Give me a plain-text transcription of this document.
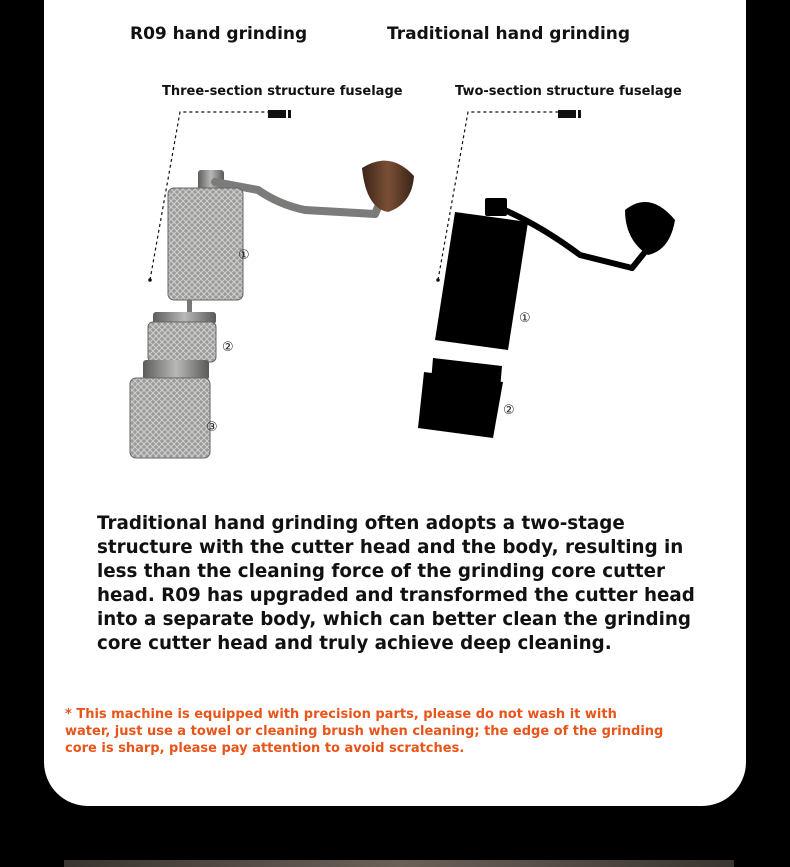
R09 hand grinding	Traditional hand grinding
Three-section structure fuselage	Two-section structure fuselage
①
②
③
①
②
Traditional hand grinding often adopts a two-stage structure with the cutter head and the body, resulting in less than the cleaning force of the grinding core cutter head. R09 has upgraded and transformed the cutter head into a separate body, which can better clean the grinding core cutter head and truly achieve deep cleaning.
* This machine is equipped with precision parts, please do not wash it with water, just use a towel or cleaning brush when cleaning; the edge of the grinding core is sharp, please pay attention to avoid scratches.
